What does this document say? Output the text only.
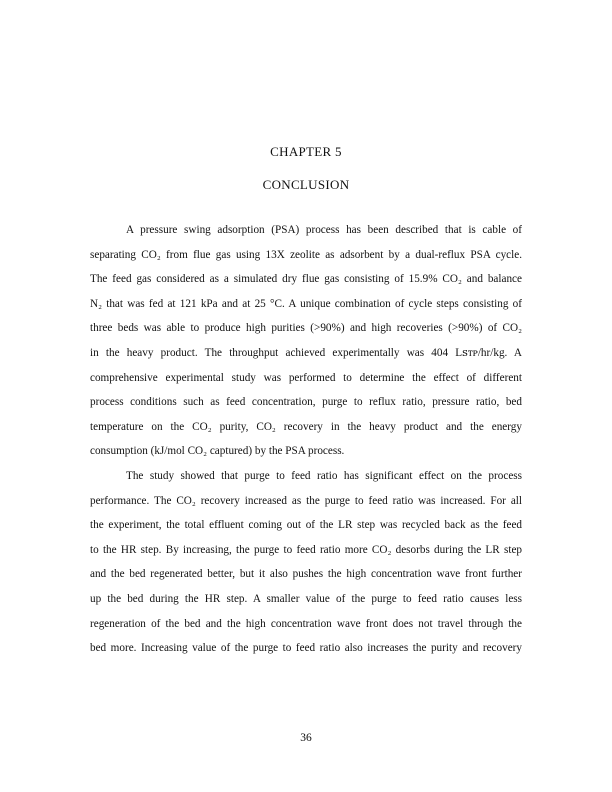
CHAPTER 5
CONCLUSION
A pressure swing adsorption (PSA) process has been described that is cable of
separating CO₂ from flue gas using 13X zeolite as adsorbent by a dual-reflux PSA cycle.
The feed gas considered as a simulated dry flue gas consisting of 15.9% CO₂ and balance
N₂ that was fed at 121 kPa and at 25 °C. A unique combination of cycle steps consisting of
three beds was able to produce high purities (>90%) and high recoveries (>90%) of CO₂
in the heavy product. The throughput achieved experimentally was 404 Lꜱᴛᴘ/hr/kg. A
comprehensive experimental study was performed to determine the effect of different
process conditions such as feed concentration, purge to reflux ratio, pressure ratio, bed
temperature on the CO₂ purity, CO₂ recovery in the heavy product and the energy
consumption (kJ/mol CO₂ captured) by the PSA process.
The study showed that purge to feed ratio has significant effect on the process
performance. The CO₂ recovery increased as the purge to feed ratio was increased. For all
the experiment, the total effluent coming out of the LR step was recycled back as the feed
to the HR step. By increasing, the purge to feed ratio more CO₂ desorbs during the LR step
and the bed regenerated better, but it also pushes the high concentration wave front further
up the bed during the HR step. A smaller value of the purge to feed ratio causes less
regeneration of the bed and the high concentration wave front does not travel through the
bed more. Increasing value of the purge to feed ratio also increases the purity and recovery
36
